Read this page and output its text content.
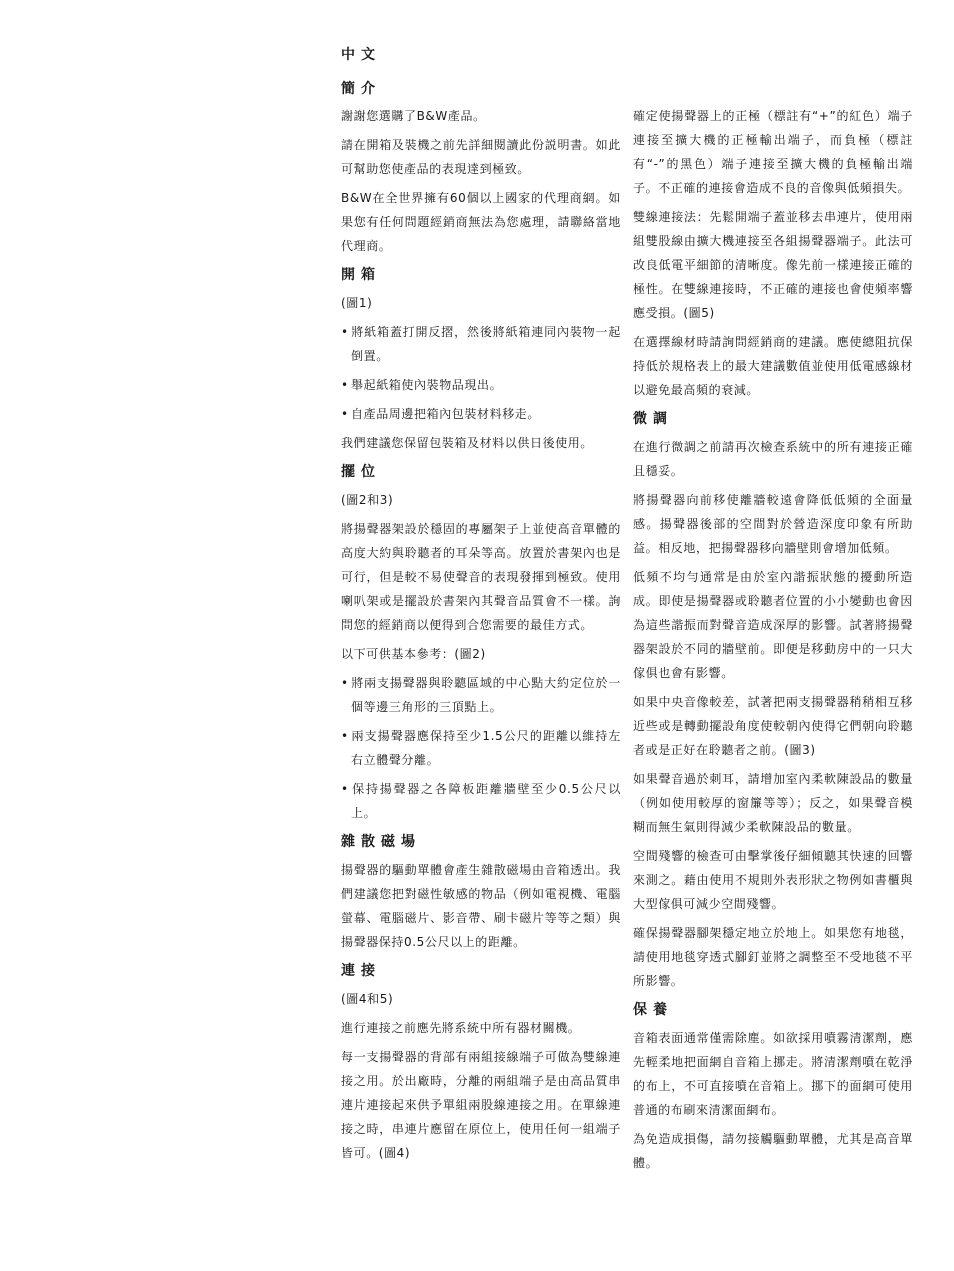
中文
簡介

謝謝您選購了B&W產品。

請在開箱及裝機之前先詳細閱讀此份説明書。如此可幫助您使產品的表現達到極致。

B&W在全世界擁有60個以上國家的代理商網。如果您有任何問題經銷商無法為您處理，請聯絡當地代理商。

開箱

(圖1)

• 將紙箱蓋打開反摺，然後將紙箱連同內裝物一起倒置。
• 舉起紙箱使內裝物品現出。
• 自產品周邊把箱內包裝材料移走。

我們建議您保留包裝箱及材料以供日後使用。

擺位

(圖2和3)

將揚聲器架設於穩固的專屬架子上並使高音單體的高度大約與聆聽者的耳朵等高。放置於書架內也是可行，但是較不易使聲音的表現發揮到極致。使用喇叭架或是擺設於書架內其聲音品質會不一樣。詢問您的經銷商以便得到合您需要的最佳方式。

以下可供基本參考：(圖2)

• 將兩支揚聲器與聆聽區域的中心點大約定位於一個等邊三角形的三頂點上。
• 兩支揚聲器應保持至少1.5公尺的距離以維持左右立體聲分離。
• 保持揚聲器之各障板距離牆壁至少0.5公尺以上。
雜散磁場

揚聲器的驅動單體會產生雜散磁場由音箱透出。我們建議您把對磁性敏感的物品（例如電視機、電腦螢幕、電腦磁片、影音帶、刷卡磁片等等之類）與揚聲器保持0.5公尺以上的距離。

連接

(圖4和5)

進行連接之前應先將系統中所有器材關機。

每一支揚聲器的背部有兩組接線端子可做為雙線連接之用。於出廠時，分離的兩組端子是由高品質串連片連接起來供予單組兩股線連接之用。在單線連接之時，串連片應留在原位上，使用任何一組端子皆可。(圖4)

確定使揚聲器上的正極（標註有“+”的紅色）端子連接至擴大機的正極輸出端子，而負極（標註有“-”的黑色）端子連接至擴大機的負極輸出端子。不正確的連接會造成不良的音像與低頻損失。

雙線連接法：先鬆開端子蓋並移去串連片，使用兩組雙股線由擴大機連接至各組揚聲器端子。此法可改良低電平細節的清晰度。像先前一樣連接正確的極性。在雙線連接時，不正確的連接也會使頻率響應受損。(圖5)

在選擇線材時請詢問經銷商的建議。應使總阻抗保持低於規格表上的最大建議數值並使用低電感線材以避免最高頻的衰減。

微調

在進行微調之前請再次檢查系統中的所有連接正確且穩妥。

將揚聲器向前移使離牆較遠會降低低頻的全面量感。揚聲器後部的空間對於營造深度印象有所助益。相反地，把揚聲器移向牆壁則會增加低頻。

低頻不均勻通常是由於室內諧振狀態的擾動所造成。即使是揚聲器或聆聽者位置的小小變動也會因為這些諧振而對聲音造成深厚的影響。試著將揚聲器架設於不同的牆壁前。即便是移動房中的一只大傢俱也會有影響。

如果中央音像較差，試著把兩支揚聲器稍稍相互移近些或是轉動擺設角度使較朝內使得它們朝向聆聽者或是正好在聆聽者之前。(圖3)

如果聲音過於刺耳，請增加室內柔軟陳設品的數量（例如使用較厚的窗簾等等）；反之，如果聲音模糊而無生氣則得減少柔軟陳設品的數量。

空間殘響的檢查可由擊掌後仔細傾聽其快速的回響來測之。藉由使用不規則外表形狀之物例如書櫃與大型傢俱可減少空間殘響。

確保揚聲器腳架穩定地立於地上。如果您有地毯，請使用地毯穿透式腳釘並將之調整至不受地毯不平所影響。

保養

音箱表面通常僅需除塵。如欲採用噴霧清潔劑，應先輕柔地把面網自音箱上挪走。將清潔劑噴在乾淨的布上，不可直接噴在音箱上。挪下的面網可使用普通的布刷來清潔面網布。

為免造成損傷，請勿接觸驅動單體，尤其是高音單體。
